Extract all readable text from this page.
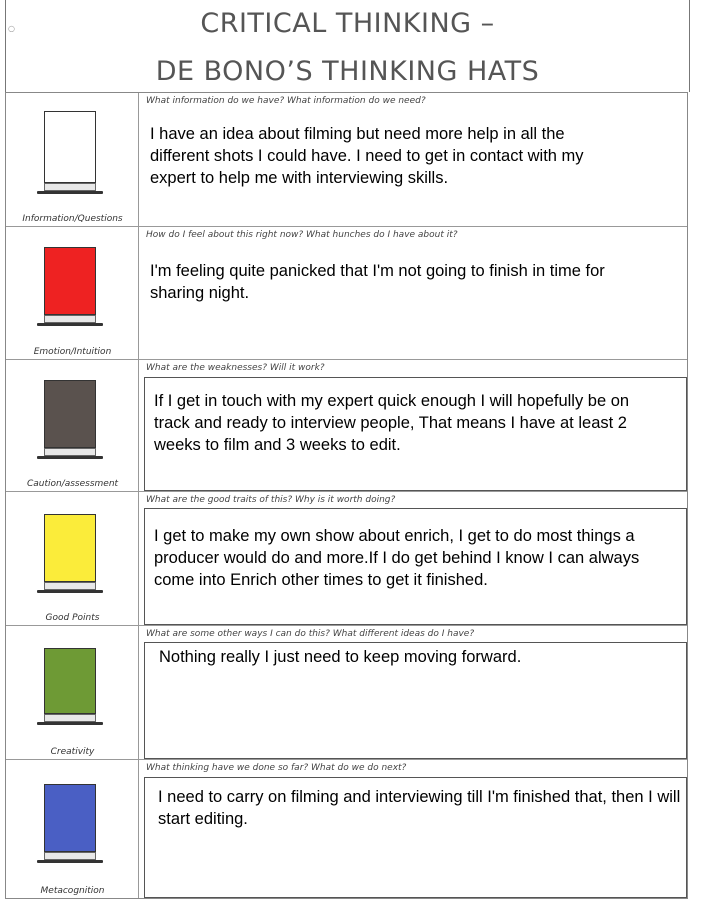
CRITICAL THINKING –
DE BONO’S THINKING HATS
○
Information/Questions
What information do we have? What information do we need?
I have an idea about filming but need more help in all the different shots I could have. I need to get in contact with my expert to help me with interviewing skills.
Emotion/Intuition
How do I feel about this right now? What hunches do I have about it?
I'm feeling quite panicked that I'm not going to finish in time for sharing night.
Caution/assessment
What are the weaknesses? Will it work?
If I get in touch with my expert quick enough I will hopefully be on track and ready to interview people, That means I have at least 2 weeks to film and 3 weeks to edit.
Good Points
What are the good traits of this? Why is it worth doing?
I get to make my own show about enrich, I get to do most things a producer would do and more.If I do get behind I know I can always come into Enrich other times to get it finished.
Creativity
What are some other ways I can do this? What different ideas do I have?
Nothing really I just need to keep moving forward.
Metacognition
What thinking have we done so far? What do we do next?
I need to carry on filming and interviewing till I'm finished that, then I will start editing.
